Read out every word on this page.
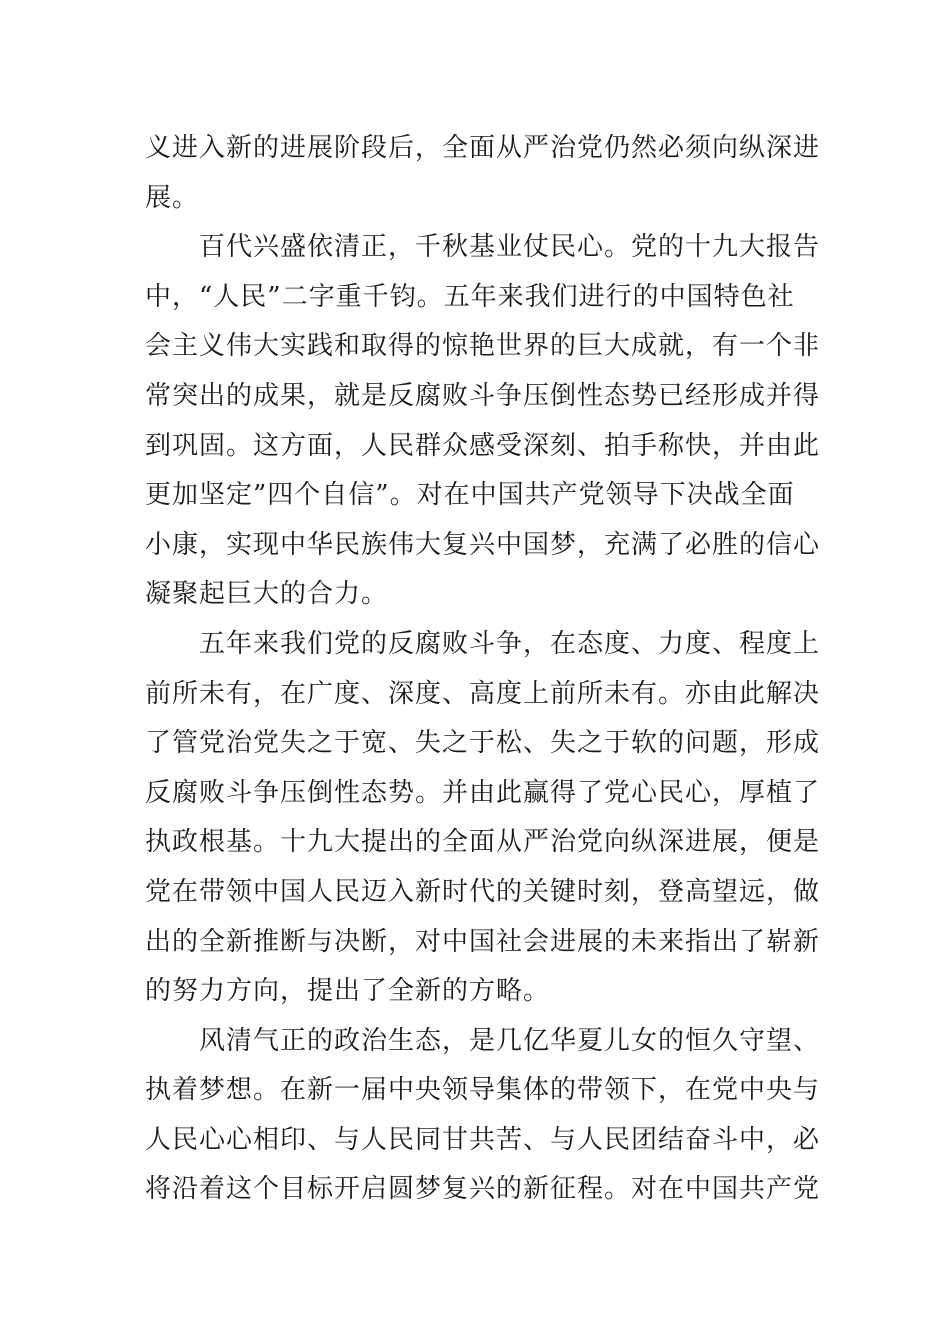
义进入新的进展阶段后，全面从严治党仍然必须向纵深进
展。
百代兴盛依清正，千秋基业仗民心。党的十九大报告
中，“人民”二字重千钧。五年来我们进行的中国特色社
会主义伟大实践和取得的惊艳世界的巨大成就，有一个非
常突出的成果，就是反腐败斗争压倒性态势已经形成并得
到巩固。这方面，人民群众感受深刻、拍手称快，并由此
更加坚定”四个自信”。对在中国共产党领导下决战全面
小康，实现中华民族伟大复兴中国梦，充满了必胜的信心
凝聚起巨大的合力。
五年来我们党的反腐败斗争，在态度、力度、程度上
前所未有，在广度、深度、高度上前所未有。亦由此解决
了管党治党失之于宽、失之于松、失之于软的问题，形成
反腐败斗争压倒性态势。并由此赢得了党心民心，厚植了
执政根基。十九大提出的全面从严治党向纵深进展，便是
党在带领中国人民迈入新时代的关键时刻，登高望远，做
出的全新推断与决断，对中国社会进展的未来指出了崭新
的努力方向，提出了全新的方略。
风清气正的政治生态，是几亿华夏儿女的恒久守望、
执着梦想。在新一届中央领导集体的带领下，在党中央与
人民心心相印、与人民同甘共苦、与人民团结奋斗中，必
将沿着这个目标开启圆梦复兴的新征程。对在中国共产党
